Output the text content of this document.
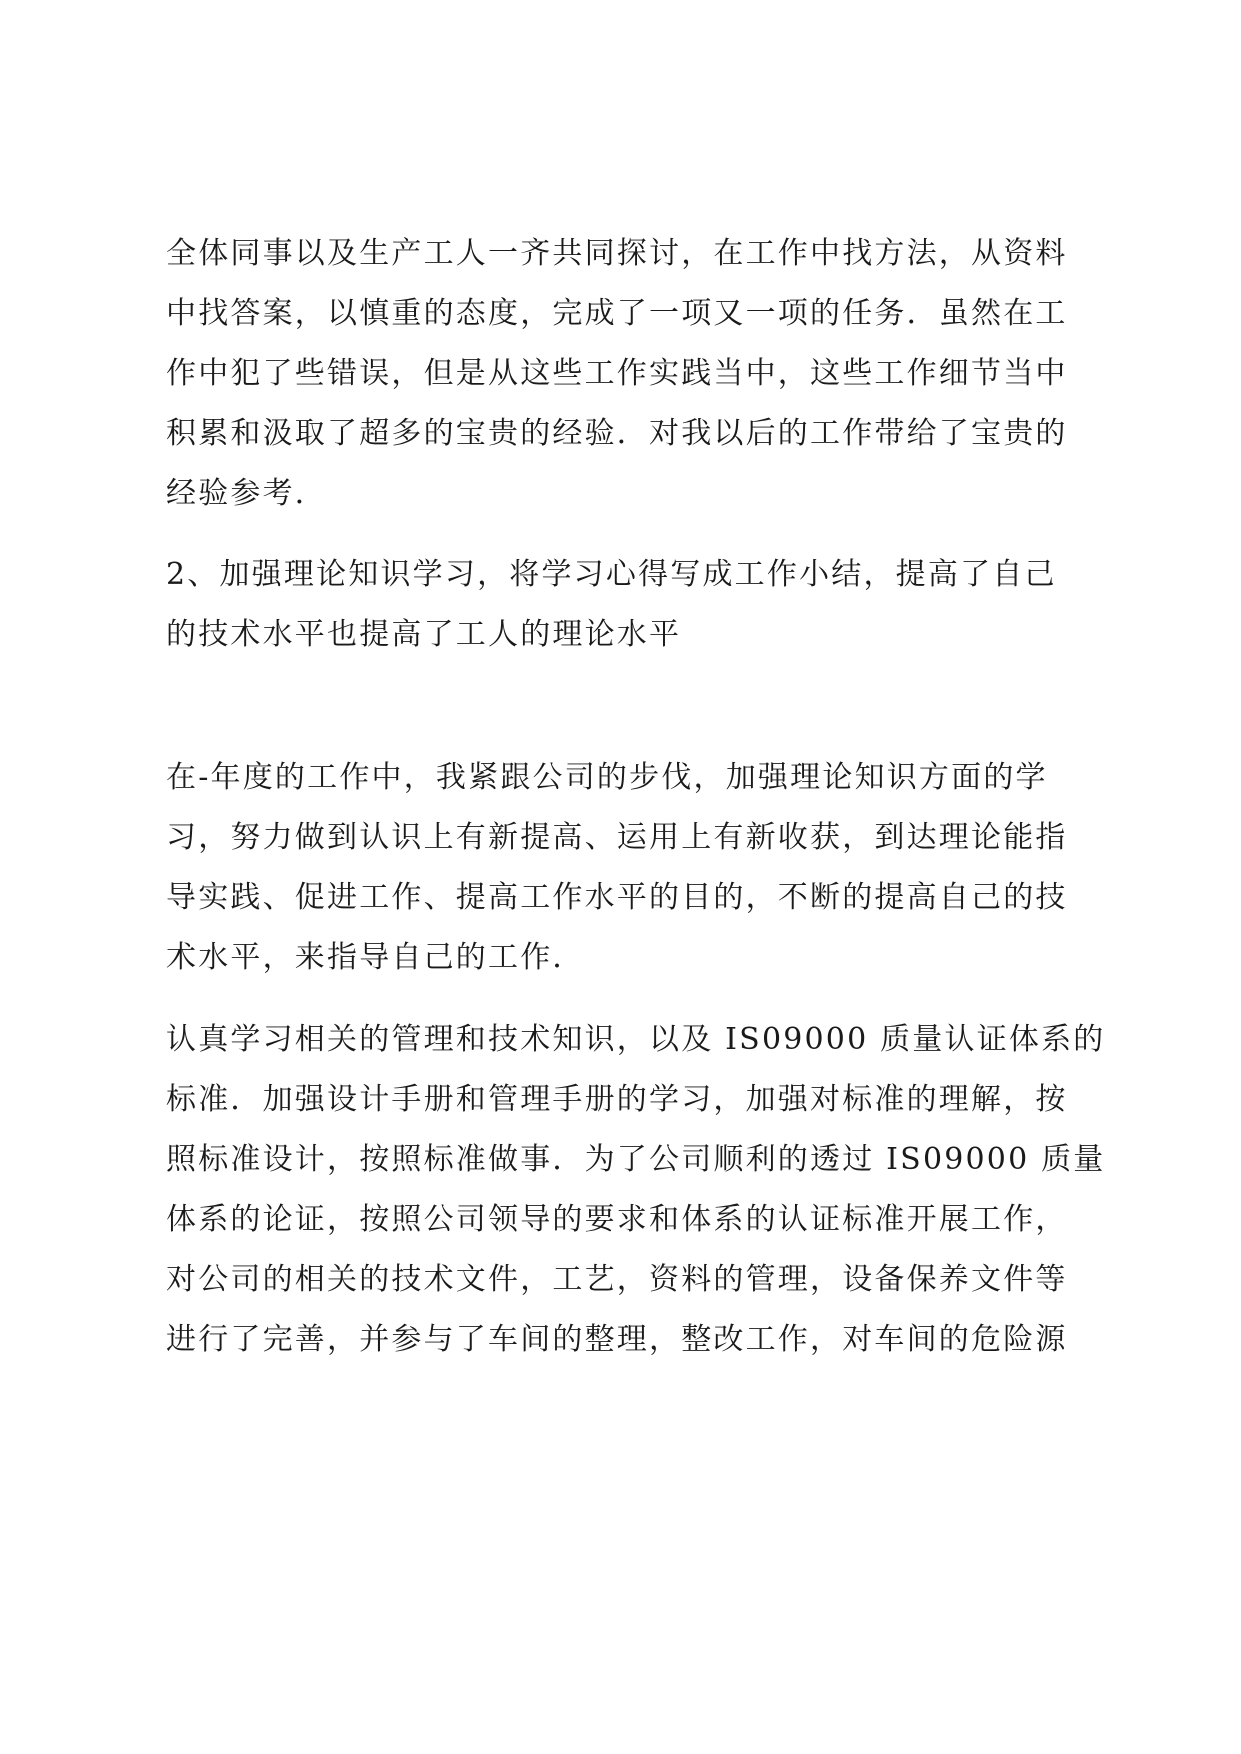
全体同事以及生产工人一齐共同探讨，在工作中找方法，从资料
中找答案，以慎重的态度，完成了一项又一项的任务．虽然在工
作中犯了些错误，但是从这些工作实践当中，这些工作细节当中
积累和汲取了超多的宝贵的经验．对我以后的工作带给了宝贵的
经验参考．
2、加强理论知识学习，将学习心得写成工作小结，提高了自己
的技术水平也提高了工人的理论水平
在-年度的工作中，我紧跟公司的步伐，加强理论知识方面的学
习，努力做到认识上有新提高、运用上有新收获，到达理论能指
导实践、促进工作、提高工作水平的目的，不断的提高自己的技
术水平，来指导自己的工作．
认真学习相关的管理和技术知识，以及 IS09000 质量认证体系的
标准．加强设计手册和管理手册的学习，加强对标准的理解，按
照标准设计，按照标准做事．为了公司顺利的透过 IS09000 质量
体系的论证，按照公司领导的要求和体系的认证标准开展工作，
对公司的相关的技术文件，工艺，资料的管理，设备保养文件等
进行了完善，并参与了车间的整理，整改工作，对车间的危险源
